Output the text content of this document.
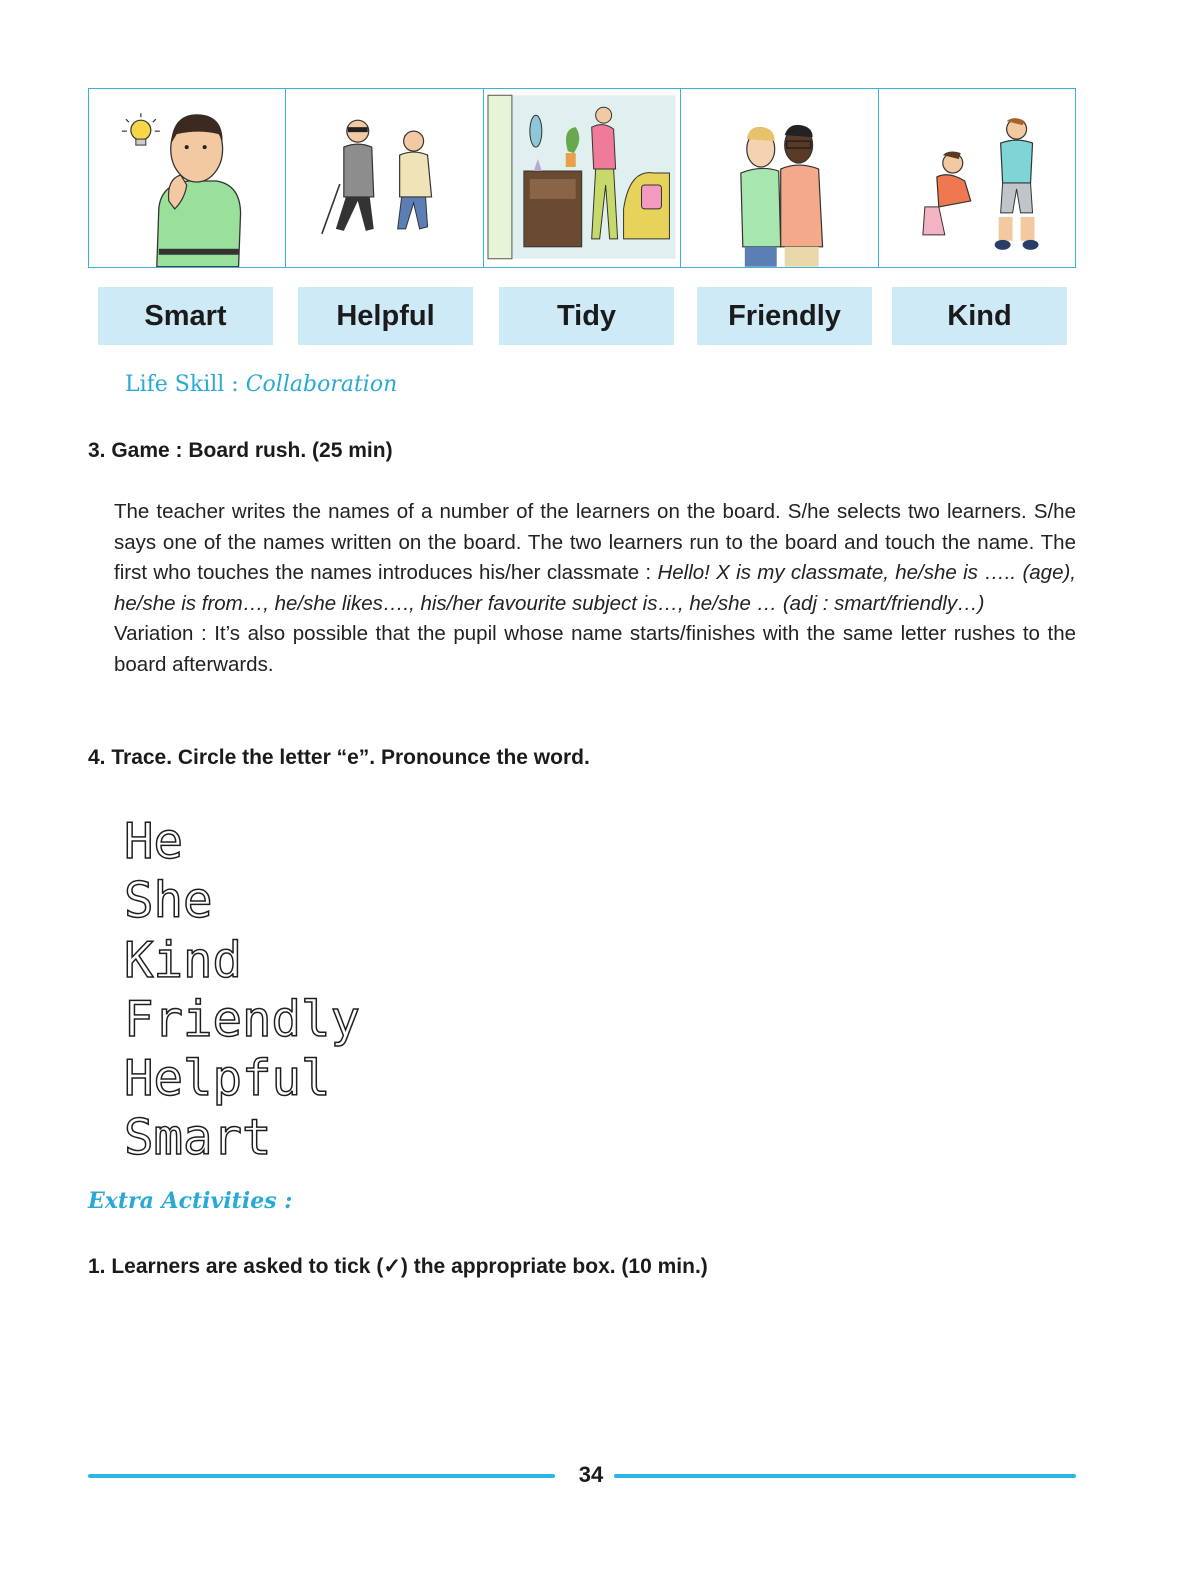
Smart	Helpful	Tidy	Friendly	Kind
Life Skill : Collaboration
3. Game : Board rush. (25 min)

The teacher writes the names of a number of the learners on the board. S/he selects two learners. S/he says one of the names written on the board. The two learners run to the board and touch the name. The first who touches the names introduces his/her classmate : Hello! X is my classmate, he/she is ….. (age), he/she is from…, he/she likes…., his/her favourite subject is…, he/she … (adj : smart/friendly…)

Variation : It’s also possible that the pupil whose name starts/finishes with the same letter rushes to the board afterwards.

4. Trace. Circle the letter “e”. Pronounce the word.
He
She
Kind
Friendly
Helpful
Smart
Extra Activities :
1. Learners are asked to tick (✓) the appropriate box. (10 min.)
34
